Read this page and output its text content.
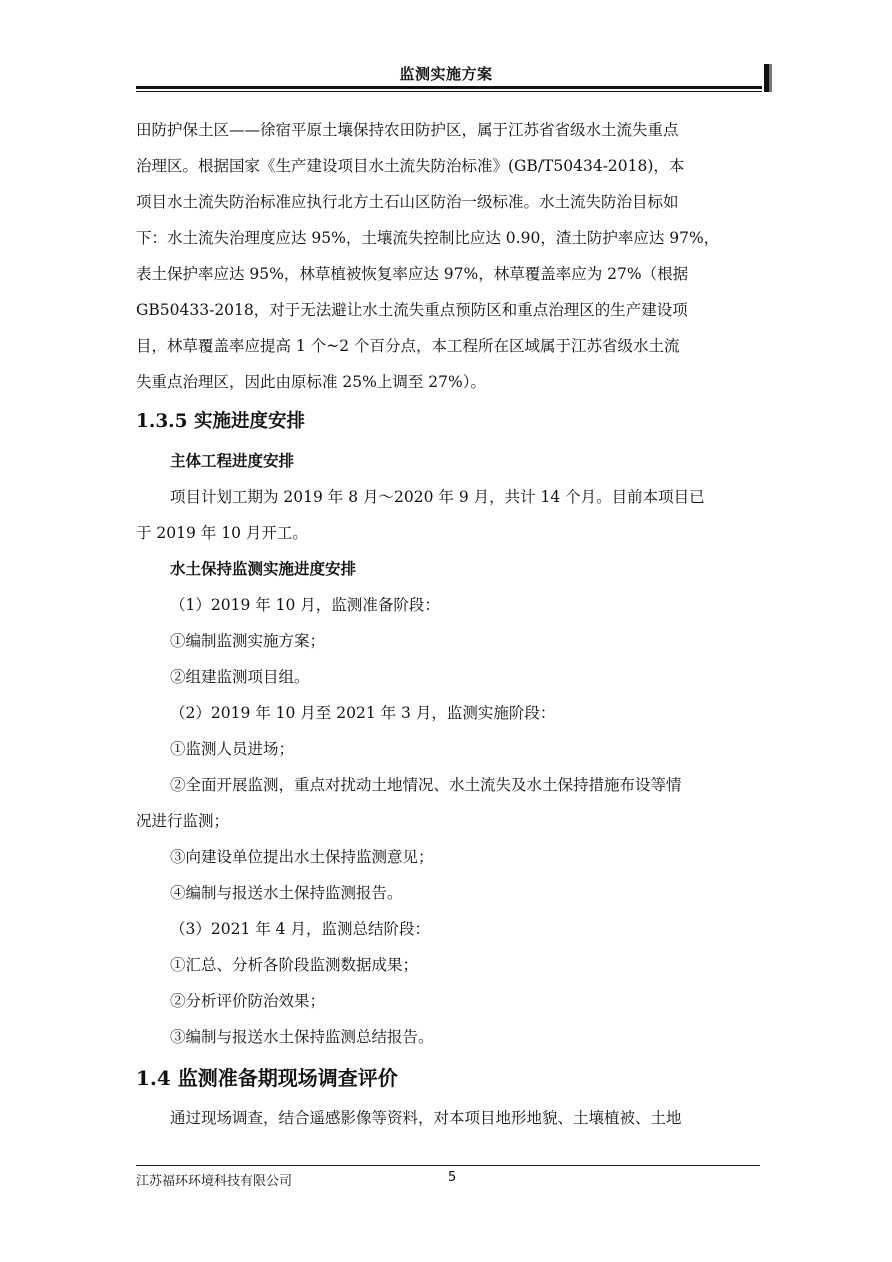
监测实施方案

田防护保土区——徐宿平原土壤保持农田防护区，属于江苏省省级水土流失重点

治理区。根据国家《生产建设项目水土流失防治标准》(GB/T50434-2018)，本

项目水土流失防治标准应执行北方土石山区防治一级标准。水土流失防治目标如

下：水土流失治理度应达 95%，土壤流失控制比应达 0.90，渣土防护率应达 97%，

表土保护率应达 95%，林草植被恢复率应达 97%，林草覆盖率应为 27%（根据

GB50433-2018，对于无法避让水土流失重点预防区和重点治理区的生产建设项

目，林草覆盖率应提高 1 个~2 个百分点，本工程所在区域属于江苏省级水土流

失重点治理区，因此由原标准 25%上调至 27%）。

1.3.5 实施进度安排
主体工程进度安排

项目计划工期为 2019 年 8 月～2020 年 9 月，共计 14 个月。目前本项目已

于 2019 年 10 月开工。

水土保持监测实施进度安排

（1）2019 年 10 月，监测准备阶段：

①编制监测实施方案；

②组建监测项目组。

（2）2019 年 10 月至 2021 年 3 月，监测实施阶段：

①监测人员进场；

②全面开展监测，重点对扰动土地情况、水土流失及水土保持措施布设等情

况进行监测；

③向建设单位提出水土保持监测意见；

④编制与报送水土保持监测报告。

（3）2021 年 4 月，监测总结阶段：

①汇总、分析各阶段监测数据成果；

②分析评价防治效果；

③编制与报送水土保持监测总结报告。

1.4 监测准备期现场调查评价

通过现场调查，结合遥感影像等资料，对本项目地形地貌、土壤植被、土地

江苏福环环境科技有限公司	5
